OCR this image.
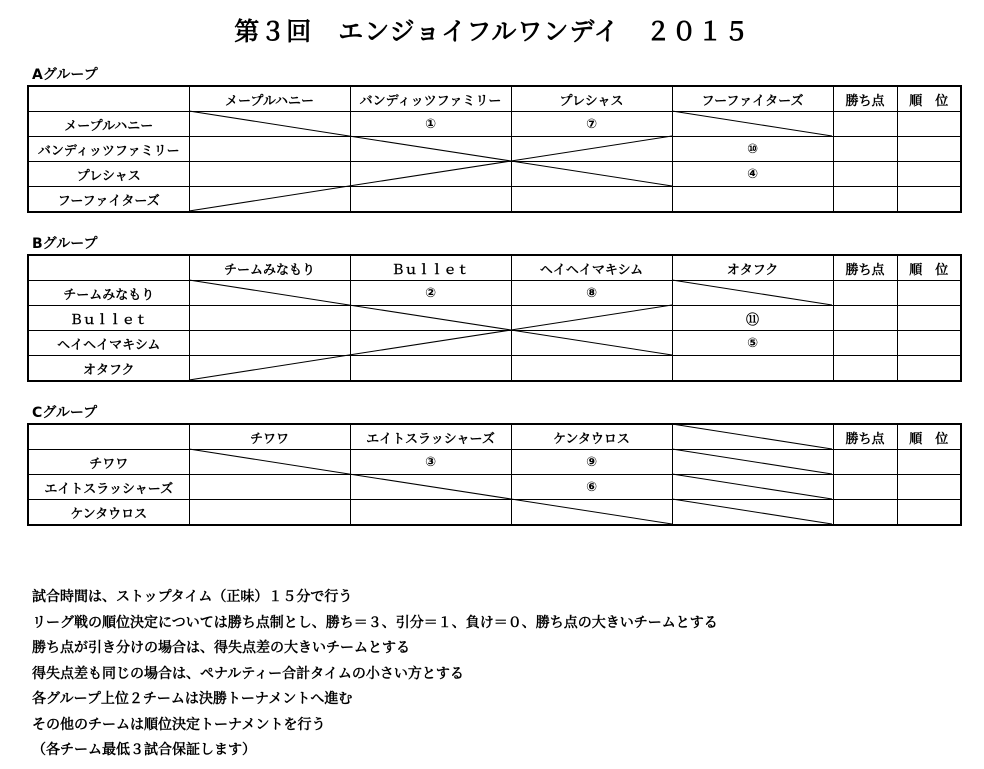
第３回　エンジョイフルワンデイ　２０１５
Aグループ
	メープルハニー	バンディッツファミリー	プレシャス	フーファイターズ	勝ち点	順　位
メープルハニー		①	⑦			
バンディッツファミリー				⑩		
プレシャス				④		
フーファイターズ						
Bグループ
	チームみなもり	Ｂｕｌｌｅｔ	ヘイヘイマキシム	オタフク	勝ち点	順　位
チームみなもり		②	⑧			
Ｂｕｌｌｅｔ				⑪		
ヘイヘイマキシム				⑤		
オタフク						
Cグループ
	チワワ	エイトスラッシャーズ	ケンタウロス		勝ち点	順　位
チワワ		③	⑨			
エイトスラッシャーズ			⑥			
ケンタウロス						
試合時間は、ストップタイム（正味）１５分で行う
リーグ戦の順位決定については勝ち点制とし、勝ち＝３、引分＝１、負け＝０、勝ち点の大きいチームとする
勝ち点が引き分けの場合は、得失点差の大きいチームとする
得失点差も同じの場合は、ペナルティー合計タイムの小さい方とする
各グループ上位２チームは決勝トーナメントへ進む
その他のチームは順位決定トーナメントを行う
（各チーム最低３試合保証します）
